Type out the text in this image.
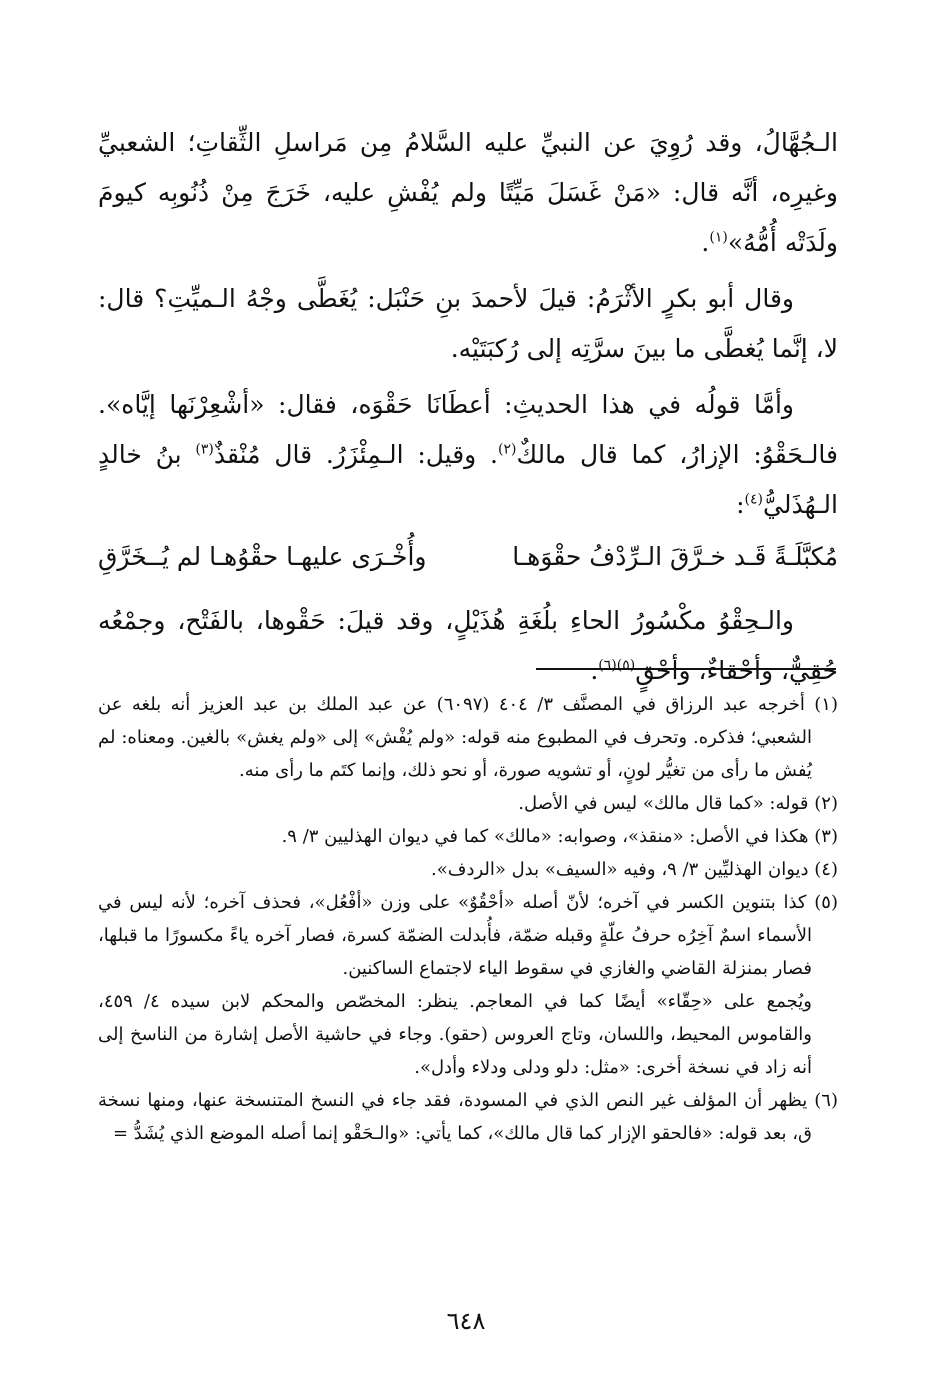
الـجُهَّالُ، وقد رُوِيَ عن النبيِّ عليه السَّلامُ مِن مَراسلِ الثِّقاتِ؛ الشعبيِّ وغيرِه، أنَّه قال: «مَنْ غَسَلَ مَيِّتًا ولم يُفْشِ عليه، خَرَجَ مِنْ ذُنُوبِه كيومَ ولَدَتْه أُمُّهُ»$^{(١)}$.

وقال أبو بكرٍ الأثْرَمُ: قيلَ لأحمدَ بنِ حَنْبَل: يُغَطَّى وجْهُ الـميِّتِ؟ قال: لا، إنَّما يُغطَّى ما بينَ سرَّتِه إلى رُكبَتَيْه.

وأمَّا قولُه في هذا الحديثِ: أعطَانَا حَقْوَه، فقال: «أشْعِرْنَها إيَّاه». فالـحَقْوُ: الإزارُ، كما قال مالكٌ$^{(٢)}$. وقيل: الـمِئْزَرُ. قال مُنْقذٌ$^{(٣)}$ بنُ خالدٍ الـهُذَليُّ$^{(٤)}$:

مُكبَّلَـةً قَـد خـرَّقَ الـرِّدْفُ حقْوَهـا
وأُخْـرَى عليهـا حقْوُهـا لم يُــخَرَّقِ

والـحِقْوُ مكْسُورُ الحاءِ بلُغَةِ هُذَيْلٍ، وقد قيلَ: حَقْوها، بالفَتْح، وجمْعُه حُقِيٌّ، وأحْقاءٌ، وأحْقٍ$^{(٥)(٦)}$.

(١) أخرجه عبد الرزاق في المصنَّف ٣/ ٤٠٤ (٦٠٩٧) عن عبد الملك بن عبد العزيز أنه بلغه عن الشعبي؛ فذكره. وتحرف في المطبوع منه قوله: «ولم يُفْش» إلى «ولم يغش» بالغين. ومعناه: لم يُفش ما رأى من تغيُّر لونٍ، أو تشويه صورة، أو نحو ذلك، وإنما كتَم ما رأى منه.

(٢) قوله: «كما قال مالك» ليس في الأصل.

(٣) هكذا في الأصل: «منقذ»، وصوابه: «مالك» كما في ديوان الهذليين ٣/ ٩.

(٤) ديوان الهذليِّين ٣/ ٩، وفيه «السيف» بدل «الردف».

(٥) كذا بتنوين الكسر في آخره؛ لأنّ أصله «أحْقُوٌ» على وزن «أفْعُل»، فحذف آخره؛ لأنه ليس في الأسماء اسمٌ آخِرُه حرفُ علّةٍ وقبله ضمّة، فأُبدلت الضمّة كسرة، فصار آخره ياءً مكسورًا ما قبلها، فصار بمنزلة القاضي والغازي في سقوط الياء لاجتماع الساكنين.

ويُجمع على «حِقّاء» أيضًا كما في المعاجم. ينظر: المخصّص والمحكم لابن سيده ٤/ ٤٥٩، والقاموس المحيط، واللسان، وتاج العروس (حقو). وجاء في حاشية الأصل إشارة من الناسخ إلى أنه زاد في نسخة أخرى: «مثل: دلو ودلى ودلاء وأدل».

(٦) يظهر أن المؤلف غير النص الذي في المسودة، فقد جاء في النسخ المتنسخة عنها، ومنها نسخة ق، بعد قوله: «فالحقو الإزار كما قال مالك»، كما يأتي: «والـحَقْو إنما أصله الموضع الذي يُشَدُّ =

٦٤٨
